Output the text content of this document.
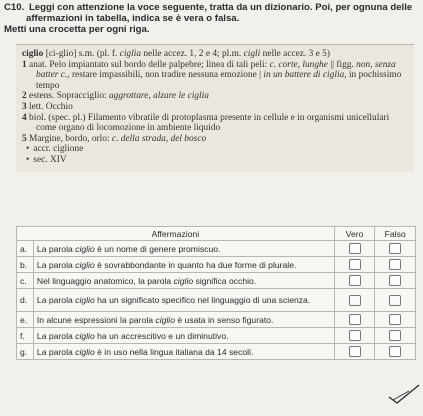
C10. Leggi con attenzione la voce seguente, tratta da un dizionario. Poi, per ognuna delle
affermazioni in tabella, indica se è vera o falsa.
Metti una crocetta per ogni riga.

ciglio [cì-glio] s.m. (pl. f. ciglia nelle accez. 1, 2 e 4; pl.m. cigli nelle accez. 3 e 5)

1 anat. Pelo impiantato sul bordo delle palpebre; linea di tali peli: c. corte, lunghe || figg. non, senza batter c., restare impassibili, non tradire nessuna emozione | in un battere di ciglia, in pochissimo tempo

2 estens. Sopracciglio: aggrottare, alzare le ciglia

3 lett. Occhio

4 biol. (spec. pl.) Filamento vibratile di protoplasma presente in cellule e in organismi unicellulari come organo di locomozione in ambiente liquido

5 Margine, bordo, orlo: c. della strada, del bosco

• accr. ciglione

• sec. XIV

Affermazioni		Vero	Falso
a.	La parola ciglio è un nome di genere promiscuo.		
b.	La parola ciglio è sovrabbondante in quanto ha due forme di plurale.		
c.	Nel linguaggio anatomico, la parola ciglio significa occhio.		
d.	La parola ciglio ha un significato specifico nel linguaggio di una scienza.		
e.	In alcune espressioni la parola ciglio è usata in senso figurato.		
f.	La parola ciglio ha un accrescitivo e un diminutivo.		
g.	La parola ciglio è in uso nella lingua italiana da 14 secoli.		
